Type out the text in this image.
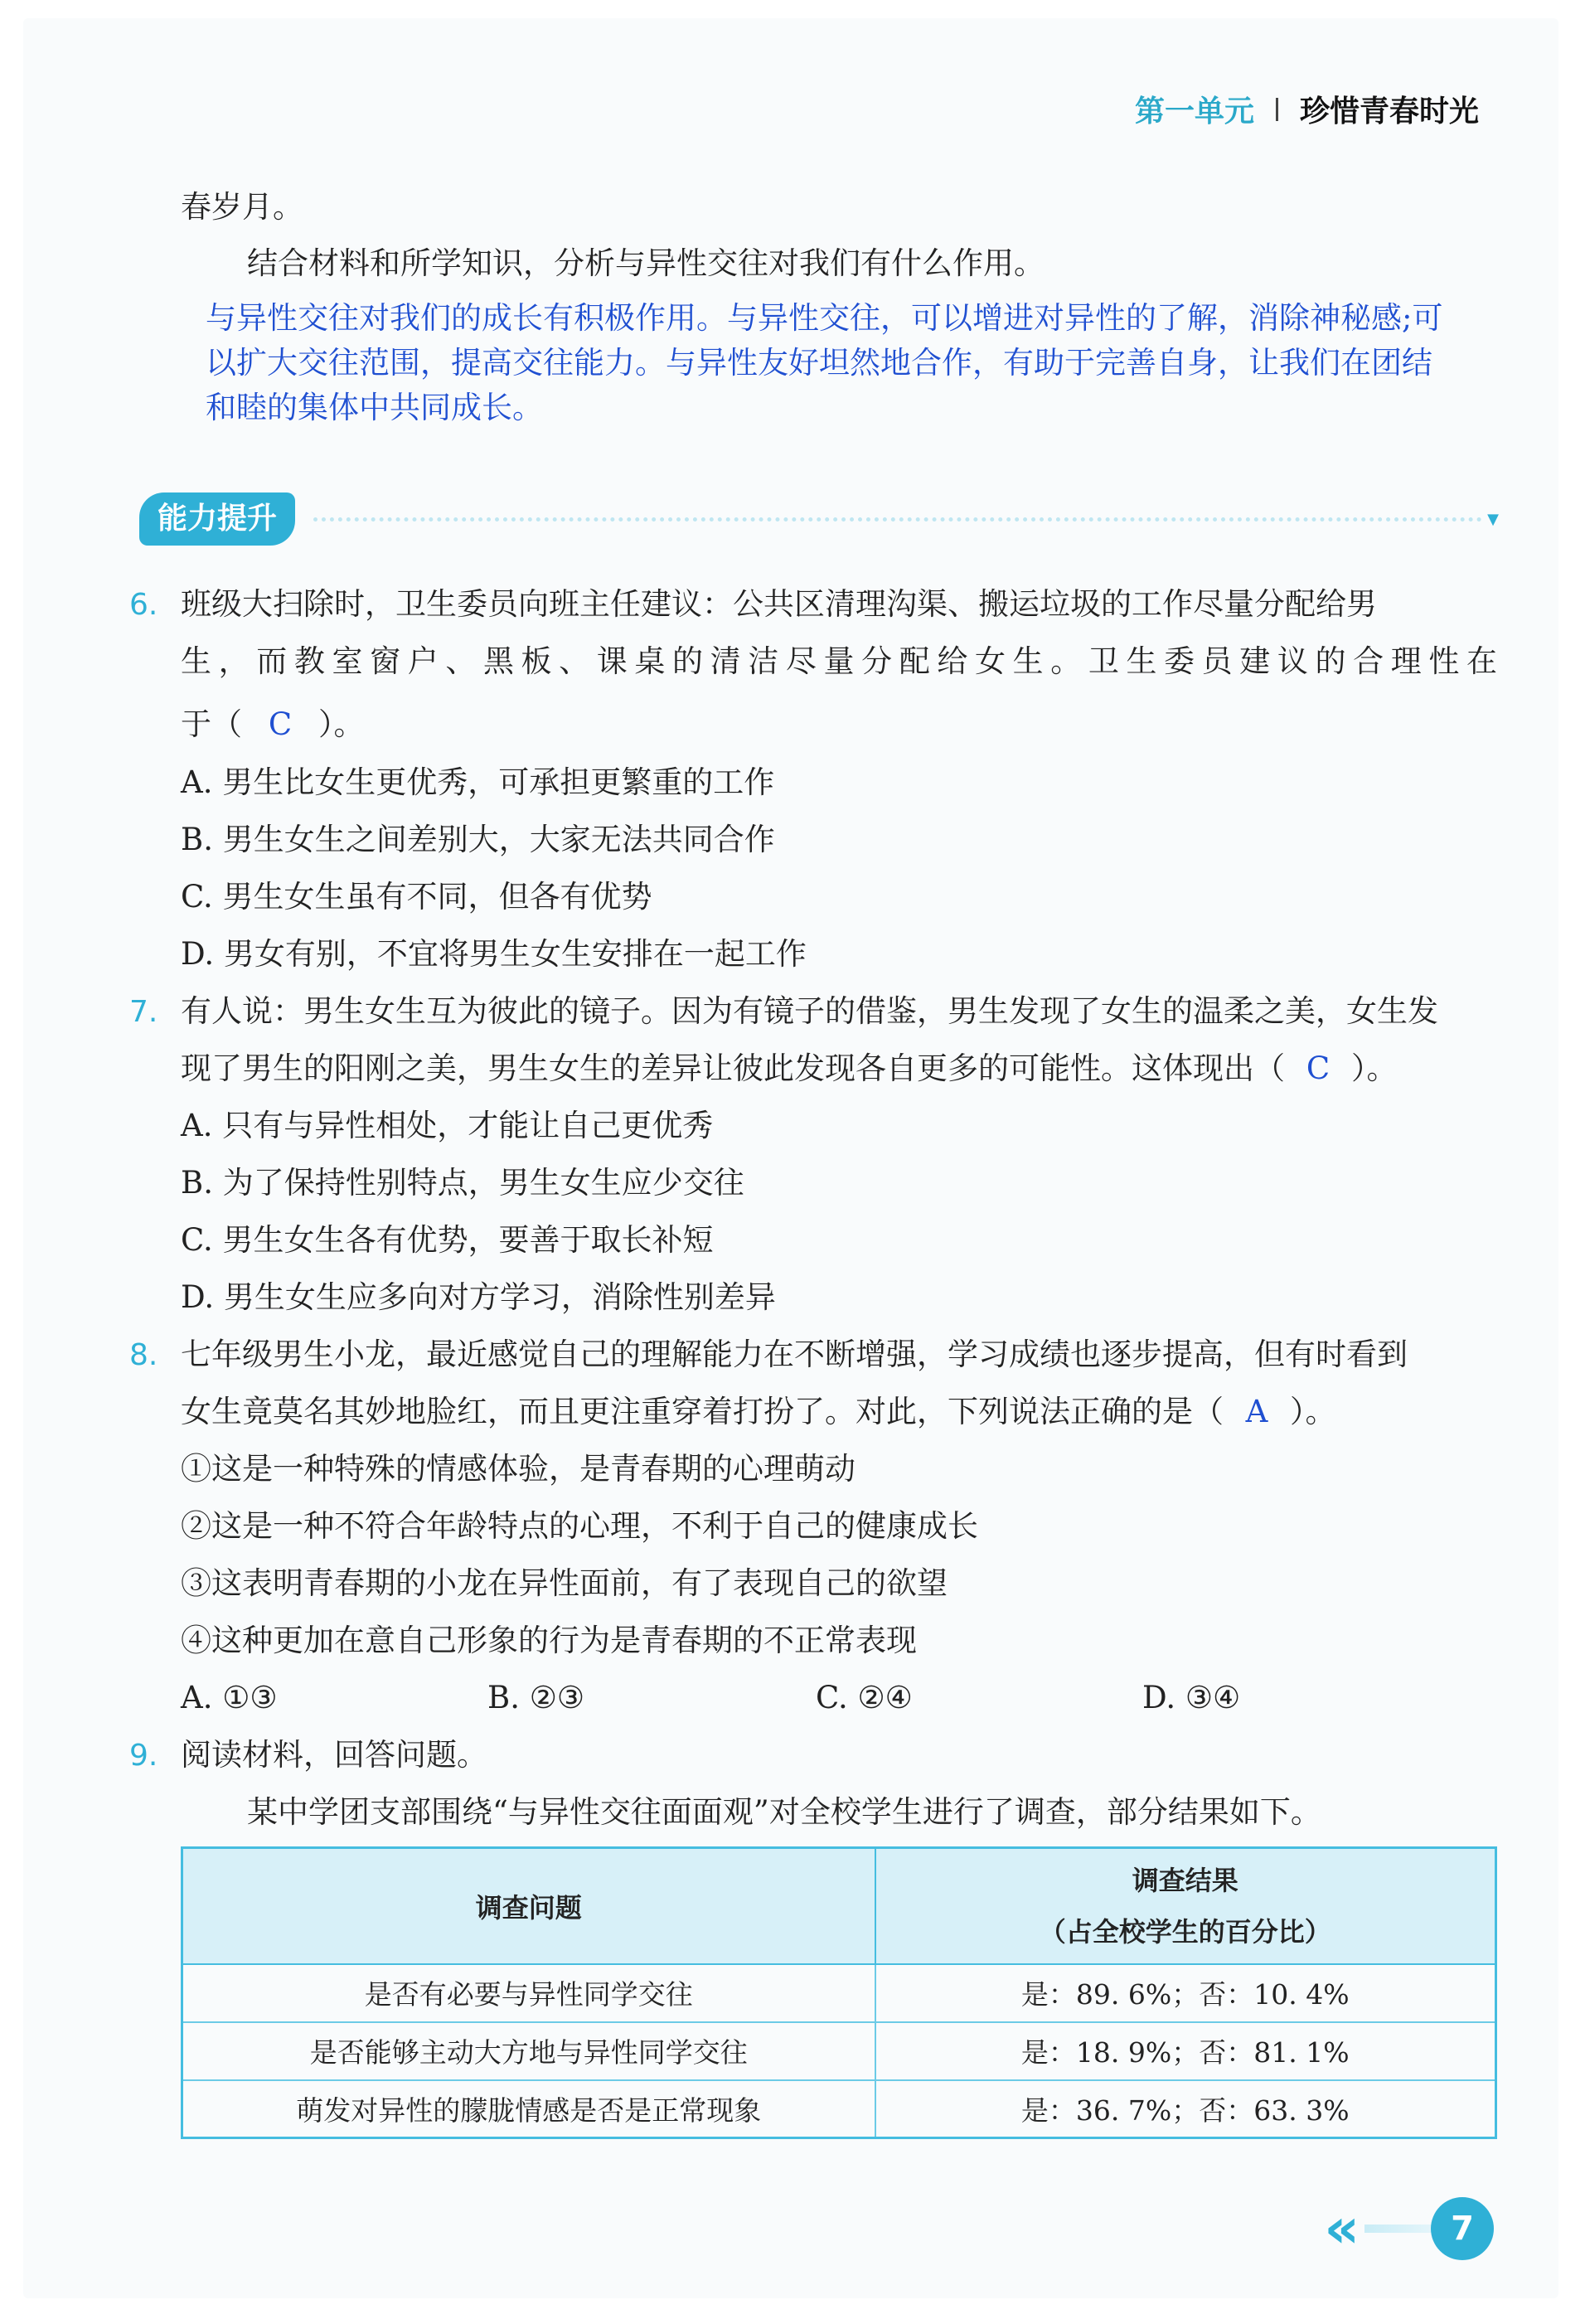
第一单元 珍惜青春时光
春岁月。
结合材料和所学知识，分析与异性交往对我们有什么作用。
与异性交往对我们的成长有积极作用。与异性交往，可以增进对异性的了解，消除神秘感;可
以扩大交往范围，提高交往能力。与异性友好坦然地合作，有助于完善自身，让我们在团结
和睦的集体中共同成长。
能力提升	▼
6. 班级大扫除时，卫生委员向班主任建议：公共区清理沟渠、搬运垃圾的工作尽量分配给男
生，而教室窗户、黑板、课桌的清洁尽量分配给女生。卫生委员建议的合理性在
于（ C ）。
A. 男生比女生更优秀，可承担更繁重的工作
B. 男生女生之间差别大，大家无法共同合作
C. 男生女生虽有不同，但各有优势
D. 男女有别，不宜将男生女生安排在一起工作
7. 有人说：男生女生互为彼此的镜子。因为有镜子的借鉴，男生发现了女生的温柔之美，女生发
现了男生的阳刚之美，男生女生的差异让彼此发现各自更多的可能性。这体现出（ C ）。
A. 只有与异性相处，才能让自己更优秀
B. 为了保持性别特点，男生女生应少交往
C. 男生女生各有优势，要善于取长补短
D. 男生女生应多向对方学习，消除性别差异
8. 七年级男生小龙，最近感觉自己的理解能力在不断增强，学习成绩也逐步提高，但有时看到
女生竟莫名其妙地脸红，而且更注重穿着打扮了。对此，下列说法正确的是（ A ）。
①这是一种特殊的情感体验，是青春期的心理萌动
②这是一种不符合年龄特点的心理，不利于自己的健康成长
③这表明青春期的小龙在异性面前，有了表现自己的欲望
④这种更加在意自己形象的行为是青春期的不正常表现
A. ①③	B. ②③	C. ②④	D. ③④
9. 阅读材料，回答问题。
某中学团支部围绕“与异性交往面面观”对全校学生进行了调查，部分结果如下。
调查问题	调查结果
（占全校学生的百分比）

是否有必要与异性同学交往	是：89. 6%；否：10. 4%
是否能够主动大方地与异性同学交往	是：18. 9%；否：81. 1%
萌发对异性的朦胧情感是否是正常现象	是：36. 7%；否：63. 3%
«	7
